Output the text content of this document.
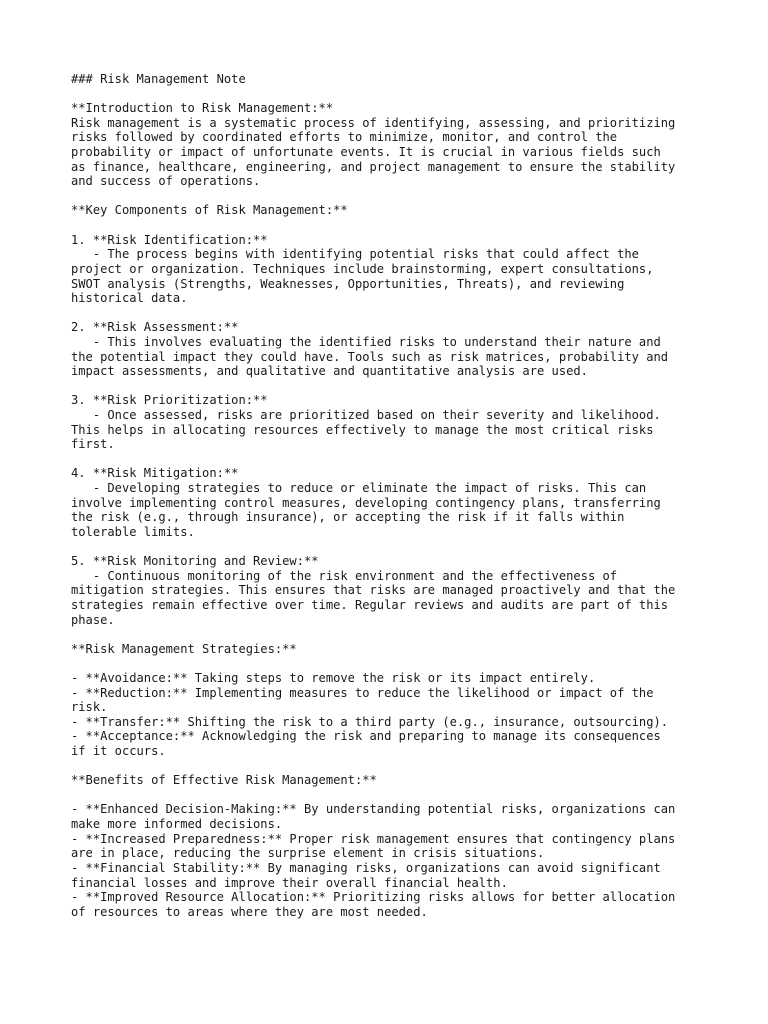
### Risk Management Note
**Introduction to Risk Management:**
Risk management is a systematic process of identifying, assessing, and prioritizing
risks followed by coordinated efforts to minimize, monitor, and control the
probability or impact of unfortunate events. It is crucial in various fields such
as finance, healthcare, engineering, and project management to ensure the stability
and success of operations.
**Key Components of Risk Management:**
1. **Risk Identification:**
- The process begins with identifying potential risks that could affect the
project or organization. Techniques include brainstorming, expert consultations,
SWOT analysis (Strengths, Weaknesses, Opportunities, Threats), and reviewing
historical data.
2. **Risk Assessment:**
- This involves evaluating the identified risks to understand their nature and
the potential impact they could have. Tools such as risk matrices, probability and
impact assessments, and qualitative and quantitative analysis are used.
3. **Risk Prioritization:**
- Once assessed, risks are prioritized based on their severity and likelihood.
This helps in allocating resources effectively to manage the most critical risks
first.
4. **Risk Mitigation:**
- Developing strategies to reduce or eliminate the impact of risks. This can
involve implementing control measures, developing contingency plans, transferring
the risk (e.g., through insurance), or accepting the risk if it falls within
tolerable limits.
5. **Risk Monitoring and Review:**
- Continuous monitoring of the risk environment and the effectiveness of
mitigation strategies. This ensures that risks are managed proactively and that the
strategies remain effective over time. Regular reviews and audits are part of this
phase.
**Risk Management Strategies:**
- **Avoidance:** Taking steps to remove the risk or its impact entirely.
- **Reduction:** Implementing measures to reduce the likelihood or impact of the
risk.
- **Transfer:** Shifting the risk to a third party (e.g., insurance, outsourcing).
- **Acceptance:** Acknowledging the risk and preparing to manage its consequences
if it occurs.
**Benefits of Effective Risk Management:**
- **Enhanced Decision-Making:** By understanding potential risks, organizations can
make more informed decisions.
- **Increased Preparedness:** Proper risk management ensures that contingency plans
are in place, reducing the surprise element in crisis situations.
- **Financial Stability:** By managing risks, organizations can avoid significant
financial losses and improve their overall financial health.
- **Improved Resource Allocation:** Prioritizing risks allows for better allocation
of resources to areas where they are most needed.
